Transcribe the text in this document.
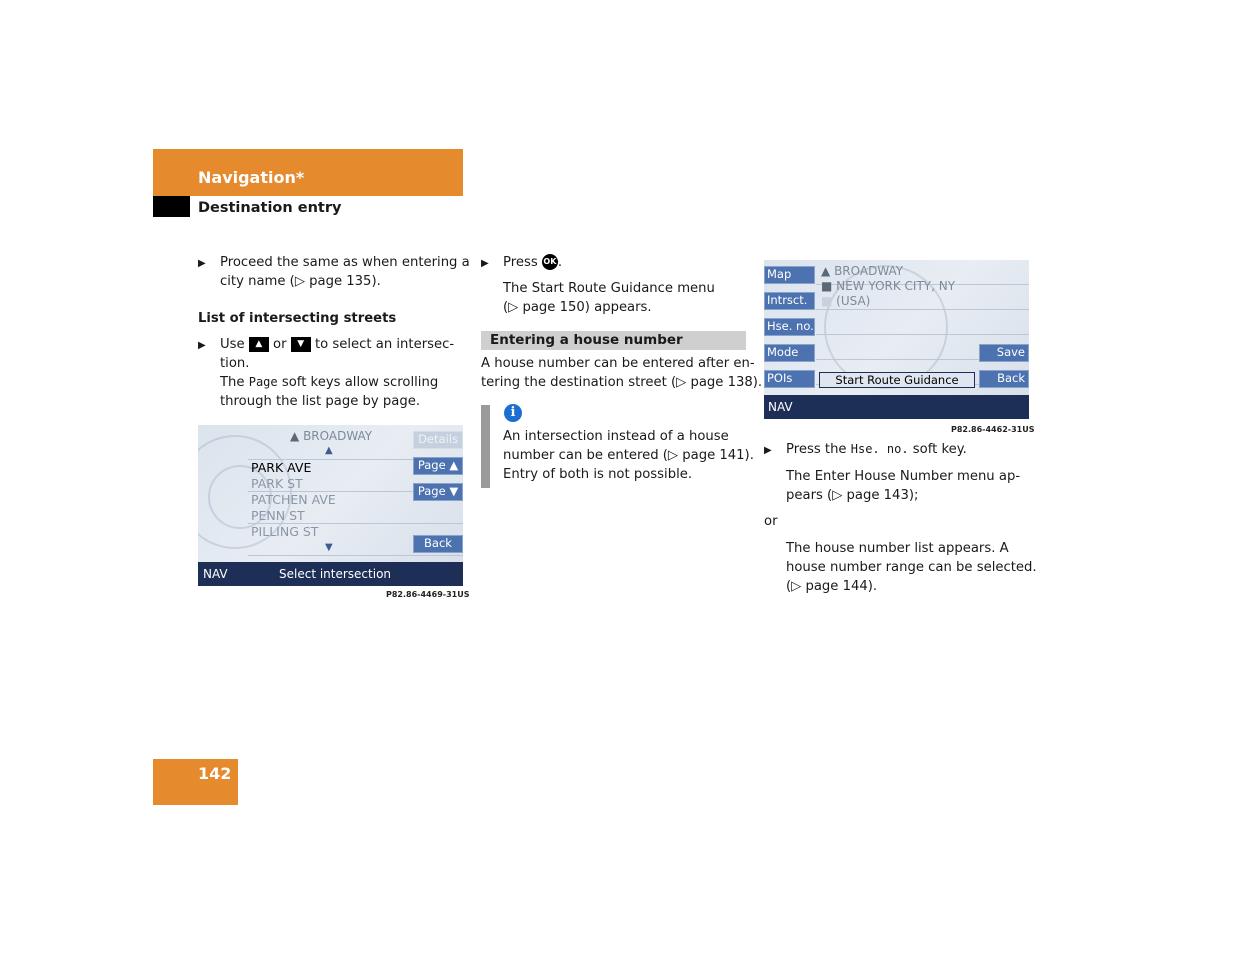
Navigation*
Destination entry
▶ Proceed the same as when entering a
city name (▷ page 135).
List of intersecting streets
▶ Use ▲ or ▼ to select an intersec-
tion.
The Page soft keys allow scrolling
through the list page by page.
▲ BROADWAY
▲
PARK AVE
PARK ST
PATCHEN AVE
PENN ST
PILLING ST
▼
Details
Page ▲
Page ▼
Back
NAV	Select intersection
P82.86-4469-31US
▶ Press OK .
The Start Route Guidance menu
(▷ page 150) appears.
Entering a house number
A house number can be entered after en-
tering the destination street (▷ page 138).
i
An intersection instead of a house
number can be entered (▷ page 141).
Entry of both is not possible.
Map
Intrsct.
Hse. no.
Mode
POIs
Save
Back
Start Route Guidance
▲ BROADWAY
■ NEW YORK CITY, NY
■ (USA)
NAV
P82.86-4462-31US
▶ Press the Hse. no. soft key.
The Enter House Number menu ap-
pears (▷ page 143);
or
The house number list appears. A
house number range can be selected.
(▷ page 144).
142
